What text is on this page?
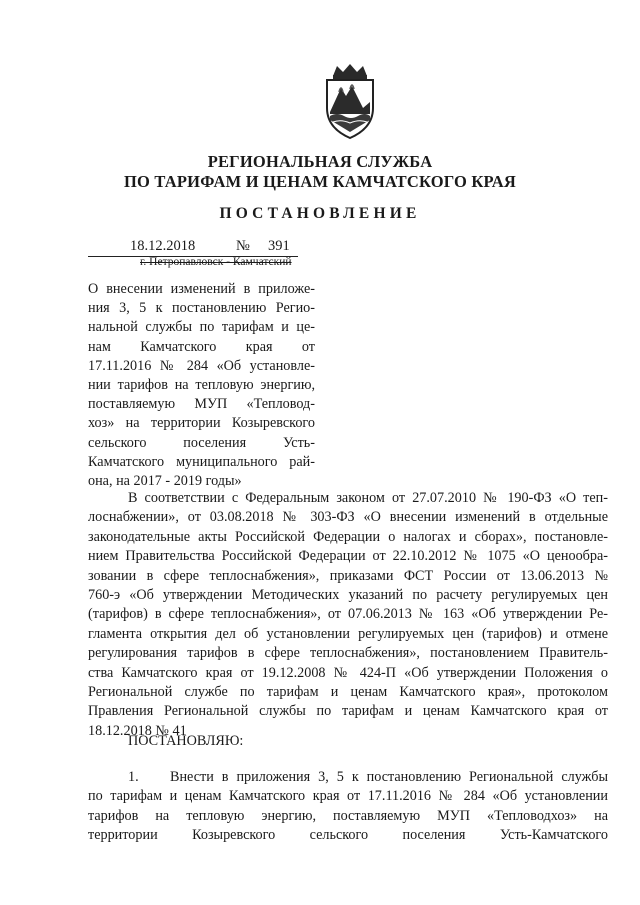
РЕГИОНАЛЬНАЯ СЛУЖБА
ПО ТАРИФАМ И ЦЕНАМ КАМЧАТСКОГО КРАЯ
ПОСТАНОВЛЕНИЕ
18.12.2018	№ 391
г. Петропавловск - Камчатский
О внесении изменений в приложе-
ния 3, 5 к постановлению Регио-
нальной службы по тарифам и це-
нам Камчатского края от
17.11.2016 № 284 «Об установле-
нии тарифов на тепловую энергию,
поставляемую МУП «Тепловод-
хоз» на территории Козыревского
сельского поселения Усть-
Камчатского муниципального рай-
она, на 2017 - 2019 годы»
В соответствии с Федеральным законом от 27.07.2010 № 190-ФЗ «О теп-
лоснабжении», от 03.08.2018 № 303-ФЗ «О внесении изменений в отдельные
законодательные акты Российской Федерации о налогах и сборах», постановле-
нием Правительства Российской Федерации от 22.10.2012 № 1075 «О ценообра-
зовании в сфере теплоснабжения», приказами ФСТ России от 13.06.2013 №
760-э «Об утверждении Методических указаний по расчету регулируемых цен
(тарифов) в сфере теплоснабжения», от 07.06.2013 № 163 «Об утверждении Ре-
гламента открытия дел об установлении регулируемых цен (тарифов) и отмене
регулирования тарифов в сфере теплоснабжения», постановлением Правитель-
ства Камчатского края от 19.12.2008 № 424-П «Об утверждении Положения о
Региональной службе по тарифам и ценам Камчатского края», протоколом
Правления Региональной службы по тарифам и ценам Камчатского края от
18.12.2018 № 41
ПОСТАНОВЛЯЮ:
1. Внести в приложения 3, 5 к постановлению Региональной службы
по тарифам и ценам Камчатского края от 17.11.2016 № 284 «Об установлении
тарифов на тепловую энергию, поставляемую МУП «Тепловодхоз» на
территории Козыревского сельского поселения Усть-Камчатского
